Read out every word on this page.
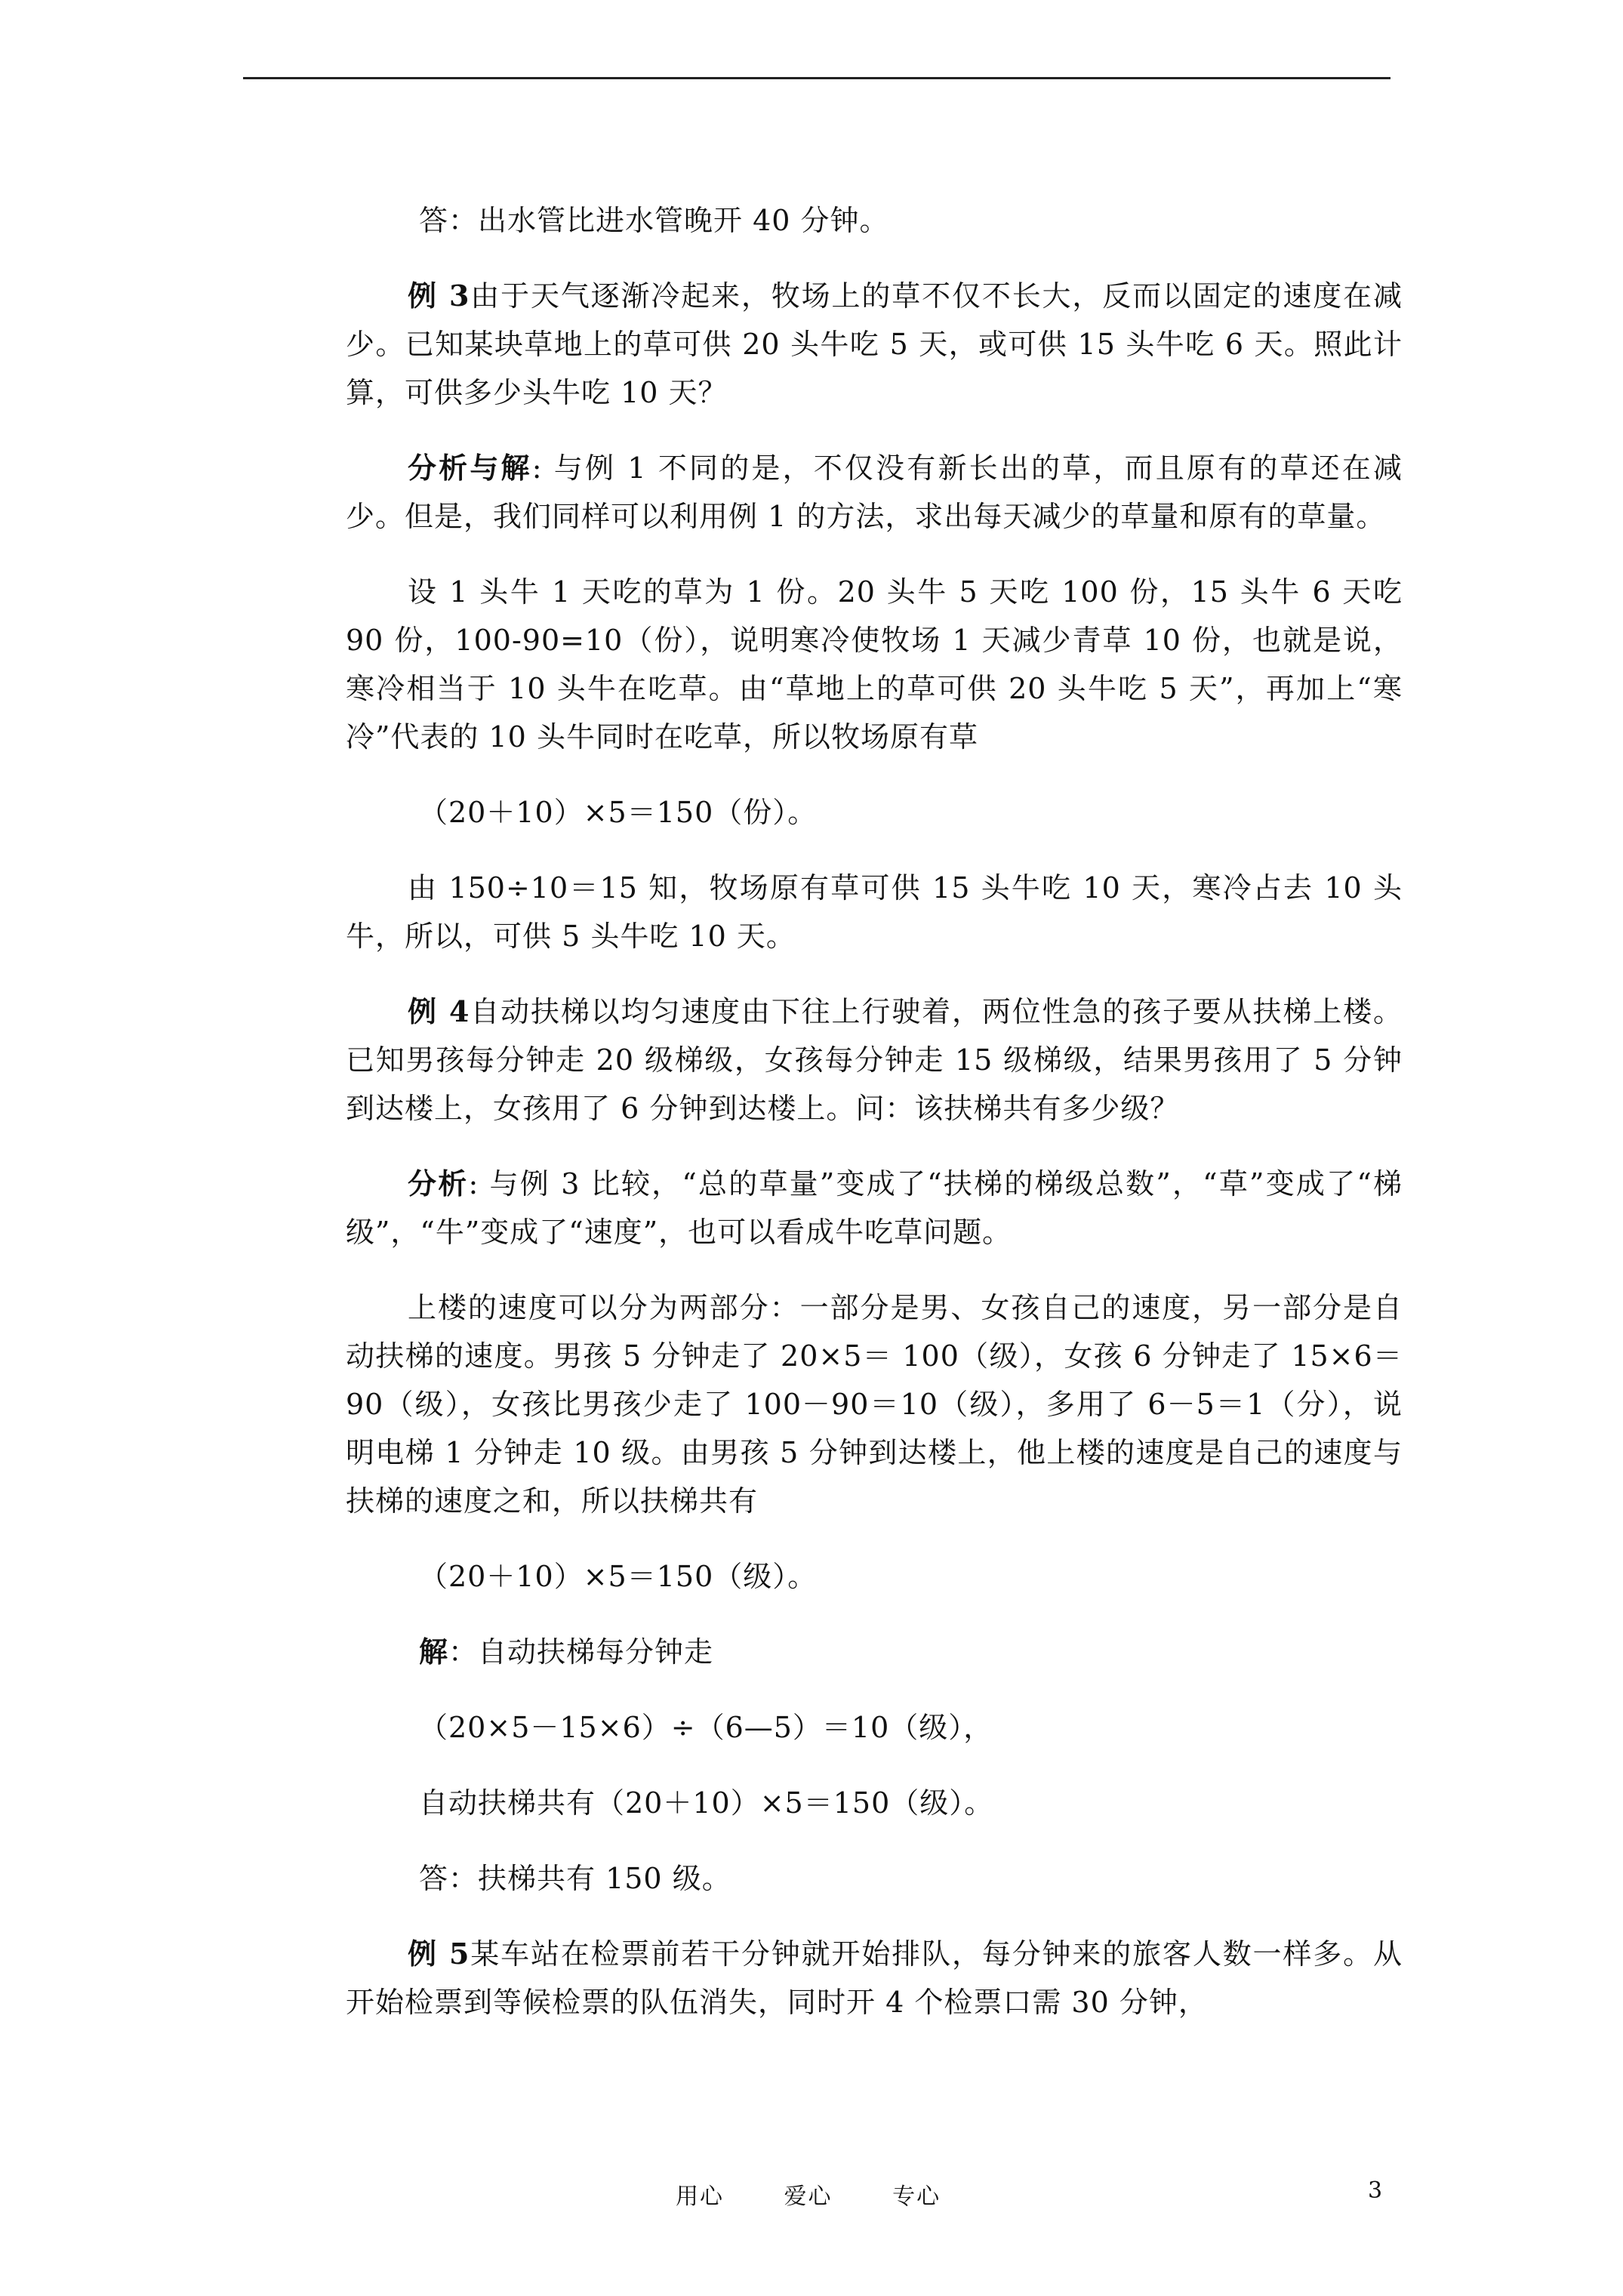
答：出水管比进水管晚开 40 分钟。

例 3由于天气逐渐冷起来，牧场上的草不仅不长大，反而以固定的速度在减少。已知某块草地上的草可供 20 头牛吃 5 天，或可供 15 头牛吃 6 天。照此计算，可供多少头牛吃 10 天？

分析与解: 与例 1 不同的是，不仅没有新长出的草，而且原有的草还在减少。但是，我们同样可以利用例 1 的方法，求出每天减少的草量和原有的草量。

设 1 头牛 1 天吃的草为 1 份。20 头牛 5 天吃 100 份，15 头牛 6 天吃 90 份，100-90=10（份），说明寒冷使牧场 1 天减少青草 10 份，也就是说，寒冷相当于 10 头牛在吃草。由“草地上的草可供 20 头牛吃 5 天”，再加上“寒冷”代表的 10 头牛同时在吃草，所以牧场原有草

（20＋10）×5＝150（份）。

由 150÷10＝15 知，牧场原有草可供 15 头牛吃 10 天，寒冷占去 10 头牛，所以，可供 5 头牛吃 10 天。

例 4自动扶梯以均匀速度由下往上行驶着，两位性急的孩子要从扶梯上楼。已知男孩每分钟走 20 级梯级，女孩每分钟走 15 级梯级，结果男孩用了 5 分钟到达楼上，女孩用了 6 分钟到达楼上。问：该扶梯共有多少级？

分析: 与例 3 比较，“总的草量”变成了“扶梯的梯级总数”，“草”变成了“梯级”，“牛”变成了“速度”，也可以看成牛吃草问题。

上楼的速度可以分为两部分：一部分是男、女孩自己的速度，另一部分是自动扶梯的速度。男孩 5 分钟走了 20×5＝ 100（级），女孩 6 分钟走了 15×6＝90（级），女孩比男孩少走了 100－90＝10（级），多用了 6－5＝1（分），说明电梯 1 分钟走 10 级。由男孩 5 分钟到达楼上，他上楼的速度是自己的速度与扶梯的速度之和，所以扶梯共有

（20＋10）×5＝150（级）。

解：自动扶梯每分钟走

（20×5－15×6）÷（6—5）＝10（级），

自动扶梯共有（20＋10）×5＝150（级）。

答：扶梯共有 150 级。

例 5某车站在检票前若干分钟就开始排队，每分钟来的旅客人数一样多。从开始检票到等候检票的队伍消失，同时开 4 个检票口需 30 分钟，

用心	爱心	专心	3
